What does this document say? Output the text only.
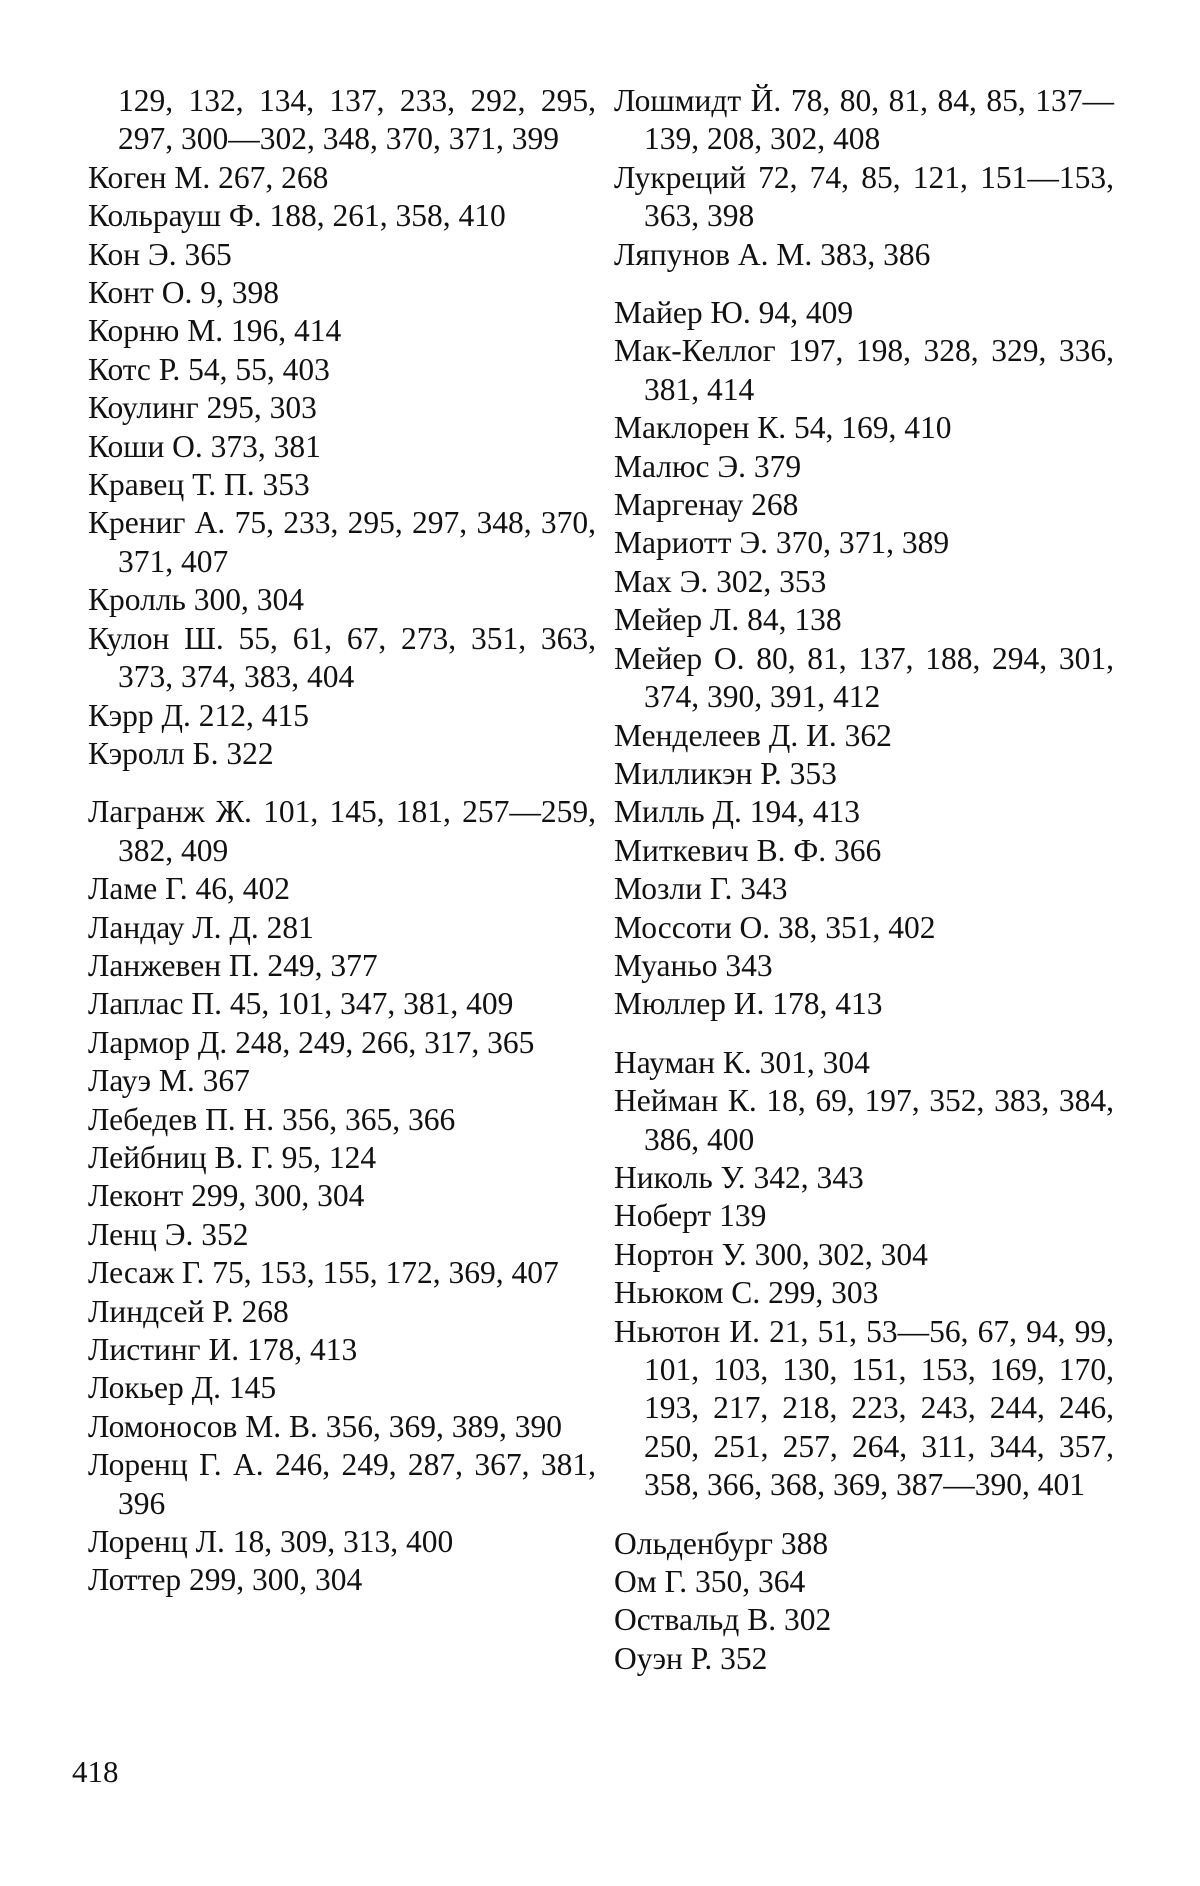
129, 132, 134, 137, 233, 292, 295, 297, 300—302, 348, 370, 371, 399
Коген М. 267, 268
Кольрауш Ф. 188, 261, 358, 410
Кон Э. 365
Конт О. 9, 398
Корню М. 196, 414
Котс Р. 54, 55, 403
Коулинг 295, 303
Коши О. 373, 381
Кравец Т. П. 353
Крениг А. 75, 233, 295, 297, 348, 370, 371, 407
Кролль 300, 304
Кулон Ш. 55, 61, 67, 273, 351, 363, 373, 374, 383, 404
Кэрр Д. 212, 415
Кэролл Б. 322
Лагранж Ж. 101, 145, 181, 257—259, 382, 409
Ламе Г. 46, 402
Ландау Л. Д. 281
Ланжевен П. 249, 377
Лаплас П. 45, 101, 347, 381, 409
Лармор Д. 248, 249, 266, 317, 365
Лауэ М. 367
Лебедев П. Н. 356, 365, 366
Лейбниц В. Г. 95, 124
Леконт 299, 300, 304
Ленц Э. 352
Лесаж Г. 75, 153, 155, 172, 369, 407
Линдсей Р. 268
Листинг И. 178, 413
Локьер Д. 145
Ломоносов М. В. 356, 369, 389, 390
Лоренц Г. А. 246, 249, 287, 367, 381, 396
Лоренц Л. 18, 309, 313, 400
Лоттер 299, 300, 304
Лошмидт Й. 78, 80, 81, 84, 85, 137—139, 208, 302, 408
Лукреций 72, 74, 85, 121, 151—153, 363, 398
Ляпунов А. М. 383, 386
Майер Ю. 94, 409
Мак-Келлог 197, 198, 328, 329, 336, 381, 414
Маклорен К. 54, 169, 410
Малюс Э. 379
Маргенау 268
Мариотт Э. 370, 371, 389
Мах Э. 302, 353
Мейер Л. 84, 138
Мейер О. 80, 81, 137, 188, 294, 301, 374, 390, 391, 412
Менделеев Д. И. 362
Милликэн Р. 353
Милль Д. 194, 413
Миткевич В. Ф. 366
Мозли Г. 343
Моссоти О. 38, 351, 402
Муаньо 343
Мюллер И. 178, 413
Науман К. 301, 304
Нейман К. 18, 69, 197, 352, 383, 384, 386, 400
Николь У. 342, 343
Ноберт 139
Нортон У. 300, 302, 304
Ньюком С. 299, 303
Ньютон И. 21, 51, 53—56, 67, 94, 99, 101, 103, 130, 151, 153, 169, 170, 193, 217, 218, 223, 243, 244, 246, 250, 251, 257, 264, 311, 344, 357, 358, 366, 368, 369, 387—390, 401
Ольденбург 388
Ом Г. 350, 364
Оствальд В. 302
Оуэн Р. 352
418
